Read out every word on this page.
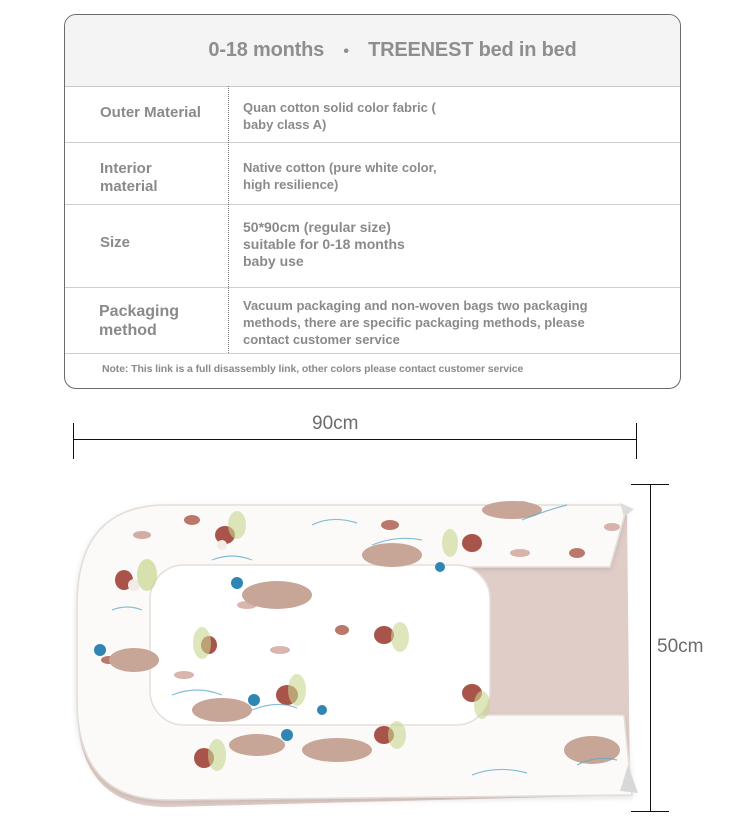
0-18 months • TREENEST bed in bed
Outer Material	Quan cotton solid color fabric (
baby class A)
Interior
material
Native cotton (pure white color,
high resilience)
Size
50*90cm (regular size)
suitable for 0-18 months
baby use
Packaging
method
Vacuum packaging and non-woven bags two packaging
methods, there are specific packaging methods, please
contact customer service
Note: This link is a full disassembly link, other colors please contact customer service
90cm
50cm
